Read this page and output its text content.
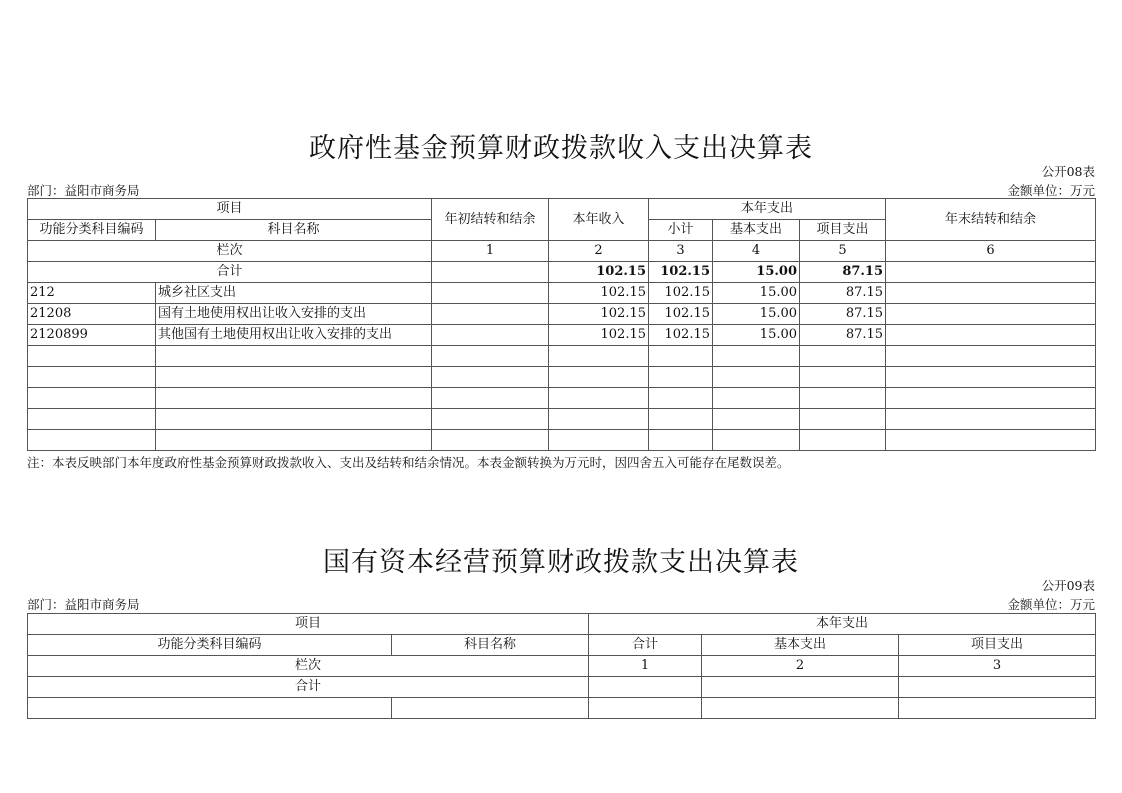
政府性基金预算财政拨款收入支出决算表
公开08表
部门：益阳市商务局	金额单位：万元
项目		年初结转和结余	本年收入	本年支出			年末结转和结余
功能分类科目编码	科目名称			小计	基本支出	项目支出	
栏次		1	2	3	4	5	6
合计			102.15	102.15	15.00	87.15	
212	城乡社区支出		102.15	102.15	15.00	87.15	
21208	国有土地使用权出让收入安排的支出		102.15	102.15	15.00	87.15	
2120899	其他国有土地使用权出让收入安排的支出		102.15	102.15	15.00	87.15	

注：本表反映部门本年度政府性基金预算财政拨款收入、支出及结转和结余情况。本表金额转换为万元时，因四舍五入可能存在尾数误差。
国有资本经营预算财政拨款支出决算表
公开09表
部门：益阳市商务局	金额单位：万元
项目		本年支出		
功能分类科目编码	科目名称	合计	基本支出	项目支出
栏次		1	2	3
合计				
